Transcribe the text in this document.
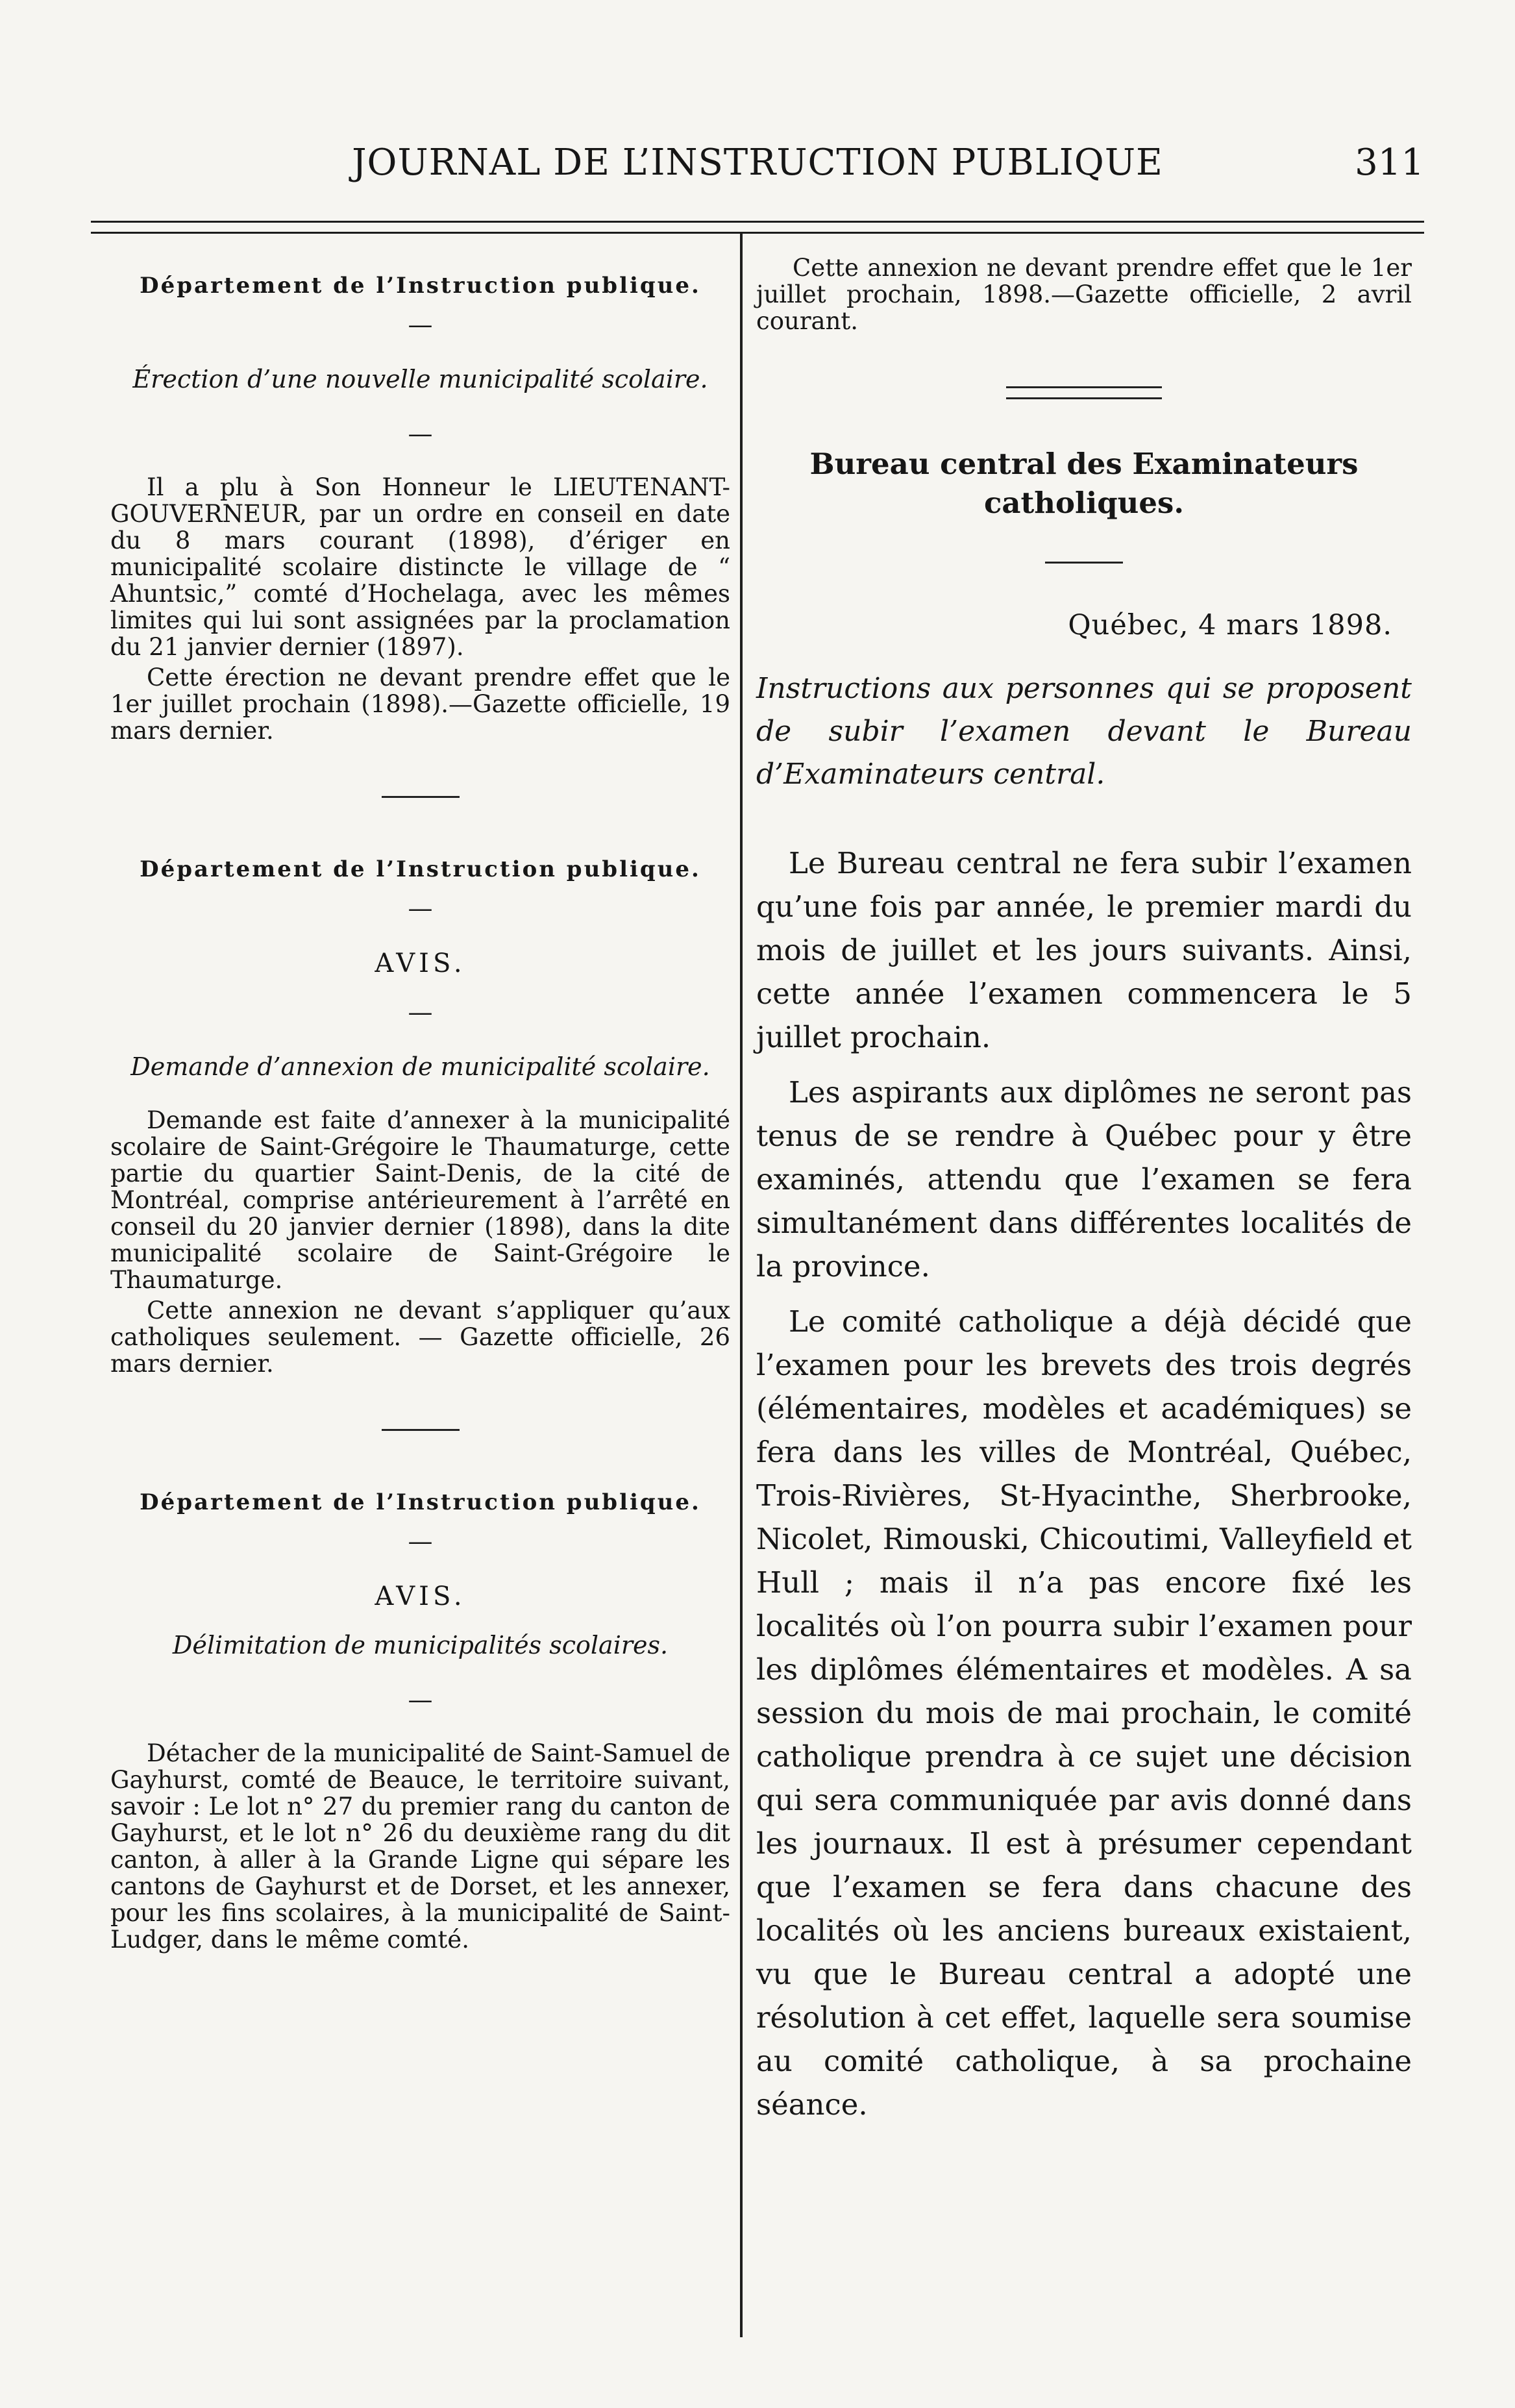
JOURNAL DE L’INSTRUCTION PUBLIQUE	311
Département de l’Instruction publique.
—
Érection d’une nouvelle municipalité scolaire.
—

Il a plu à Son Honneur le LIEUTENANT-GOUVERNEUR, par un ordre en conseil en date du 8 mars courant (1898), d’ériger en municipalité scolaire distincte le village de “ Ahuntsic,” comté d’Hochelaga, avec les mêmes limites qui lui sont assignées par la proclamation du 21 janvier dernier (1897).

Cette érection ne devant prendre effet que le 1er juillet prochain (1898).—Gazette officielle, 19 mars dernier.

Département de l’Instruction publique.
—
AVIS.
—
Demande d’annexion de municipalité scolaire.

Demande est faite d’annexer à la municipalité scolaire de Saint-Grégoire le Thaumaturge, cette partie du quartier Saint-Denis, de la cité de Montréal, comprise antérieurement à l’arrêté en conseil du 20 janvier dernier (1898), dans la dite municipalité scolaire de Saint-Grégoire le Thaumaturge.

Cette annexion ne devant s’appliquer qu’aux catholiques seulement. — Gazette officielle, 26 mars dernier.

Département de l’Instruction publique.
—
AVIS.
Délimitation de municipalités scolaires.
—

Détacher de la municipalité de Saint-Samuel de Gayhurst, comté de Beauce, le territoire suivant, savoir : Le lot n° 27 du premier rang du canton de Gayhurst, et le lot n° 26 du deuxième rang du dit canton, à aller à la Grande Ligne qui sépare les cantons de Gayhurst et de Dorset, et les annexer, pour les fins scolaires, à la municipalité de Saint-Ludger, dans le même comté.

Cette annexion ne devant prendre effet que le 1er juillet prochain, 1898.—Gazette officielle, 2 avril courant.

Bureau central des Examinateurs catholiques.
Québec, 4 mars 1898.
Instructions aux personnes qui se proposent de subir l’examen devant le Bureau d’Examinateurs central.

Le Bureau central ne fera subir l’examen qu’une fois par année, le premier mardi du mois de juillet et les jours suivants. Ainsi, cette année l’examen commencera le 5 juillet prochain.

Les aspirants aux diplômes ne seront pas tenus de se rendre à Québec pour y être examinés, attendu que l’examen se fera simultanément dans différentes localités de la province.

Le comité catholique a déjà décidé que l’examen pour les brevets des trois degrés (élémentaires, modèles et académiques) se fera dans les villes de Montréal, Québec, Trois-Rivières, St-Hyacinthe, Sherbrooke, Nicolet, Rimouski, Chicoutimi, Valleyfield et Hull ; mais il n’a pas encore fixé les localités où l’on pourra subir l’examen pour les diplômes élémentaires et modèles. A sa session du mois de mai prochain, le comité catholique prendra à ce sujet une décision qui sera communiquée par avis donné dans les journaux. Il est à présumer cependant que l’examen se fera dans chacune des localités où les anciens bureaux existaient, vu que le Bureau central a adopté une résolution à cet effet, laquelle sera soumise au comité catholique, à sa prochaine séance.
